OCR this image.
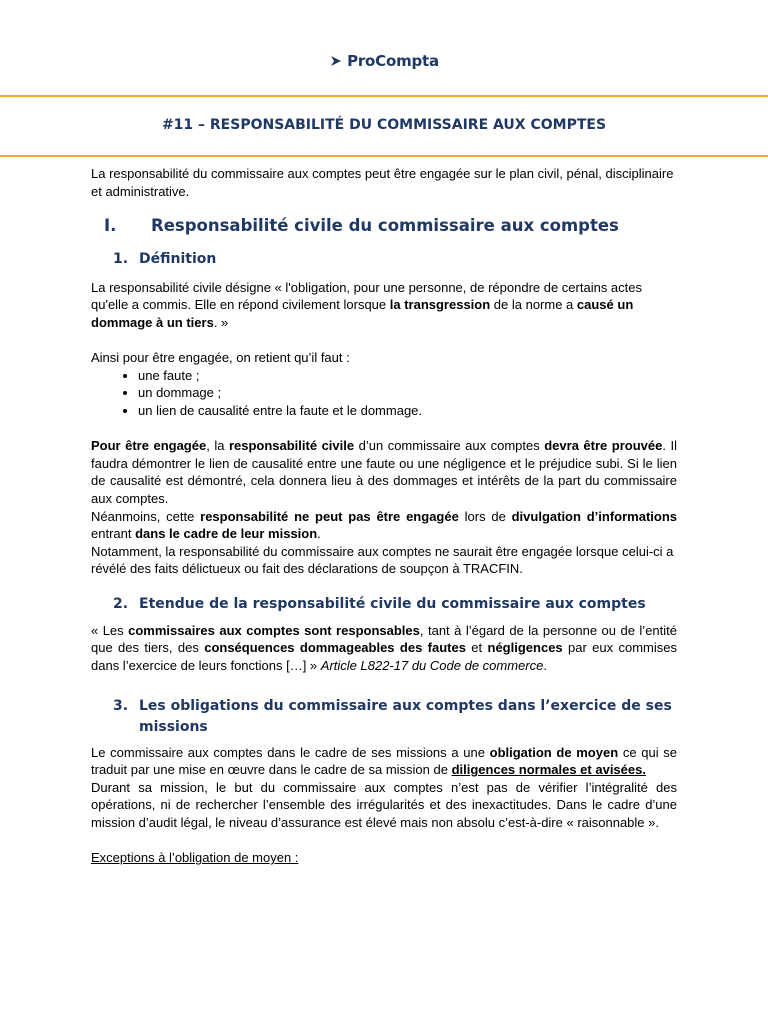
ProCompta
#11 – RESPONSABILITÉ DU COMMISSAIRE AUX COMPTES

La responsabilité du commissaire aux comptes peut être engagée sur le plan civil, pénal, disciplinaire et administrative.

I.	Responsabilité civile du commissaire aux comptes
1. Définition

La responsabilité civile désigne « l'obligation, pour une personne, de répondre de certains actes qu'elle a commis. Elle en répond civilement lorsque la transgression de la norme a causé un dommage à un tiers. »

Ainsi pour être engagée, on retient qu’il faut :

• une faute ;
• un dommage ;
• un lien de causalité entre la faute et le dommage.

Pour être engagée, la responsabilité civile d’un commissaire aux comptes devra être prouvée. Il faudra démontrer le lien de causalité entre une faute ou une négligence et le préjudice subi. Si le lien de causalité est démontré, cela donnera lieu à des dommages et intérêts de la part du commissaire aux comptes.

Néanmoins, cette responsabilité ne peut pas être engagée lors de divulgation d’informations entrant dans le cadre de leur mission.

Notamment, la responsabilité du commissaire aux comptes ne saurait être engagée lorsque celui-ci a révélé des faits délictueux ou fait des déclarations de soupçon à TRACFIN.

2. Etendue de la responsabilité civile du commissaire aux comptes

« Les commissaires aux comptes sont responsables, tant à l’égard de la personne ou de l’entité que des tiers, des conséquences dommageables des fautes et négligences par eux commises dans l’exercice de leurs fonctions […] » Article L822-17 du Code de commerce.

3. Les obligations du commissaire aux comptes dans l’exercice de ses missions

Le commissaire aux comptes dans le cadre de ses missions a une obligation de moyen ce qui se traduit par une mise en œuvre dans le cadre de sa mission de diligences normales et avisées.

Durant sa mission, le but du commissaire aux comptes n’est pas de vérifier l’intégralité des opérations, ni de rechercher l’ensemble des irrégularités et des inexactitudes. Dans le cadre d’une mission d’audit légal, le niveau d’assurance est élevé mais non absolu c’est-à-dire « raisonnable ».

Exceptions à l’obligation de moyen :
